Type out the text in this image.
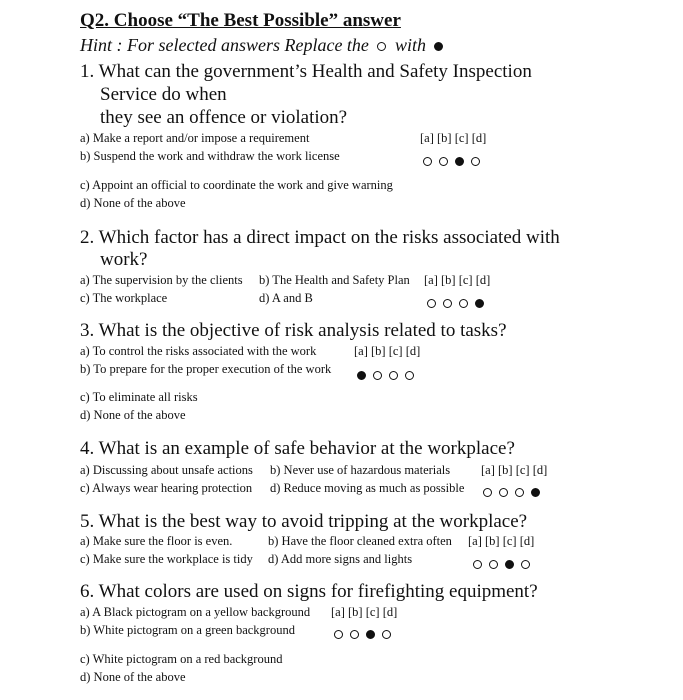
Q2. Choose “The Best Possible” answer
Hint : For selected answers Replace the with
1. What can the government’s Health and Safety Inspection
Service do when
they see an offence or violation?
a) Make a report and/or impose a requirement
b) Suspend the work and withdraw the work license
c) Appoint an official to coordinate the work and give warning
d) None of the above
[a] [b] [c] [d]
2. Which factor has a direct impact on the risks associated with
work?
a) The supervision by the clients b) The Health and Safety Plan
c) The workplace	d) A and B
[a] [b] [c] [d]
3. What is the objective of risk analysis related to tasks?
a) To control the risks associated with the work
b) To prepare for the proper execution of the work
c) To eliminate all risks
d) None of the above
[a] [b] [c] [d]
4. What is an example of safe behavior at the workplace?
a) Discussing about unsafe actions b) Never use of hazardous materials
c) Always wear hearing protection d) Reduce moving as much as possible
[a] [b] [c] [d]
5. What is the best way to avoid tripping at the workplace?
a) Make sure the floor is even.	b) Have the floor cleaned extra often
c) Make sure the workplace is tidy d) Add more signs and lights
[a] [b] [c] [d]
6. What colors are used on signs for firefighting equipment?
a) A Black pictogram on a yellow background
b) White pictogram on a green background
c) White pictogram on a red background
d) None of the above
[a] [b] [c] [d]
